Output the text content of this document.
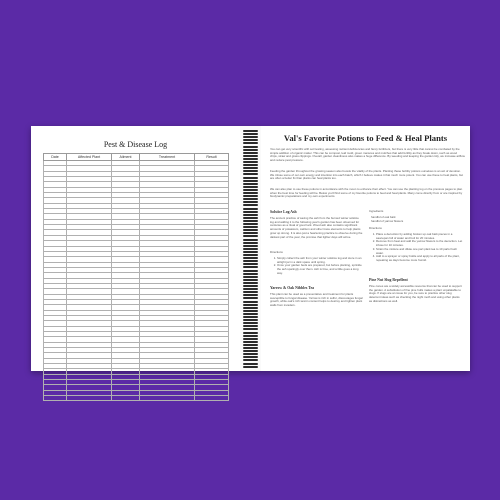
Pest & Disease Log
Date	Affected Plant	Ailment	Treatment	Result

Val's Favorite Potions to Feed & Heal Plants
You can get very scientific with soil testing, assessing nutrient deficiencies and fancy fertilizers, but there is very little that cannot be combated by the simple addition of organic matter. This can be compost, leaf mold, green manures and mulches that add fertility as they break down, such as wood chips, straw and grass clippings. Overall, garden cleanliness also makes a huge difference. By weeding and keeping the garden tidy, we increase airflow and reduce pest pressure.
Feeding the garden throughout the growing season also boosts the vitality of the plants. Planting these fertility potions ourselves is an act of devotion. We infuse some of our own energy and intention into each batch, which I believe makes it that much more potent. You can use these to heal plants, but are often a better fix than plants can heal plants too.
We can also plan to use these potions in accordance with the moon to enhance their effect. You can use the planting log on the previous pages to plan when the best time for feeding will be. Below you'll find some of my favorite potions to feed and heal plants. Many come directly from or are inspired by biodynamic preparations and my own experiments.
Solstice Log Ash
The ancient practice of saving the ash from the burned winter solstice log and adding it to the following year's garden has been observed for centuries as a ritual of good luck. Wood ash also contains significant amounts of potassium, calcium and other trace elements to help plants grow up strong. It is also just a heartening practice to observe during the darkest part of the year, the promise that lighter days will arrive.
Directions
1. Simply collect the ash from your winter solstice log and store in an airtight jar in a dark space until spring.
2. Once your garden beds are prepared, but before planting, sprinkle the ash sparingly over them. Ash is lime, and a little goes a long way.
Yarrow & Oak Nibbles Tea
This plant can be used as a preventative and treatment for plants susceptible to fungal disease. Yarrow is rich in sulfur, discourages fungal growth, while oak's rich tannin content helps to destroy and tighten plant walls from invaders.
Ingredients
handful of oak bark
handful of yarrow flowers
Directions
1. Place a decoction by adding broken up oak bark pieces in a saucepan full of water and boil for 20 minutes.
2. Remove from heat and add the yarrow flowers to the decoction. Let infuse for 10 minutes.
3. Strain the mixture and dilute one part plant tea to 10 parts fresh water.
4. Add to a sprayer or spray bottle and apply to all parts of the plant, repeating as days become more humid.
Pine Nut Slug Repellent
Pine cones are a widely accessible resource that can be used to support the garden. A substitution of fine pine hulls makes a plant unpalatable to slugs. If slugs are an issue for you, be sure to practice other slug deterrent ideas such as checking the night moth and using other plants as distractions as well.
